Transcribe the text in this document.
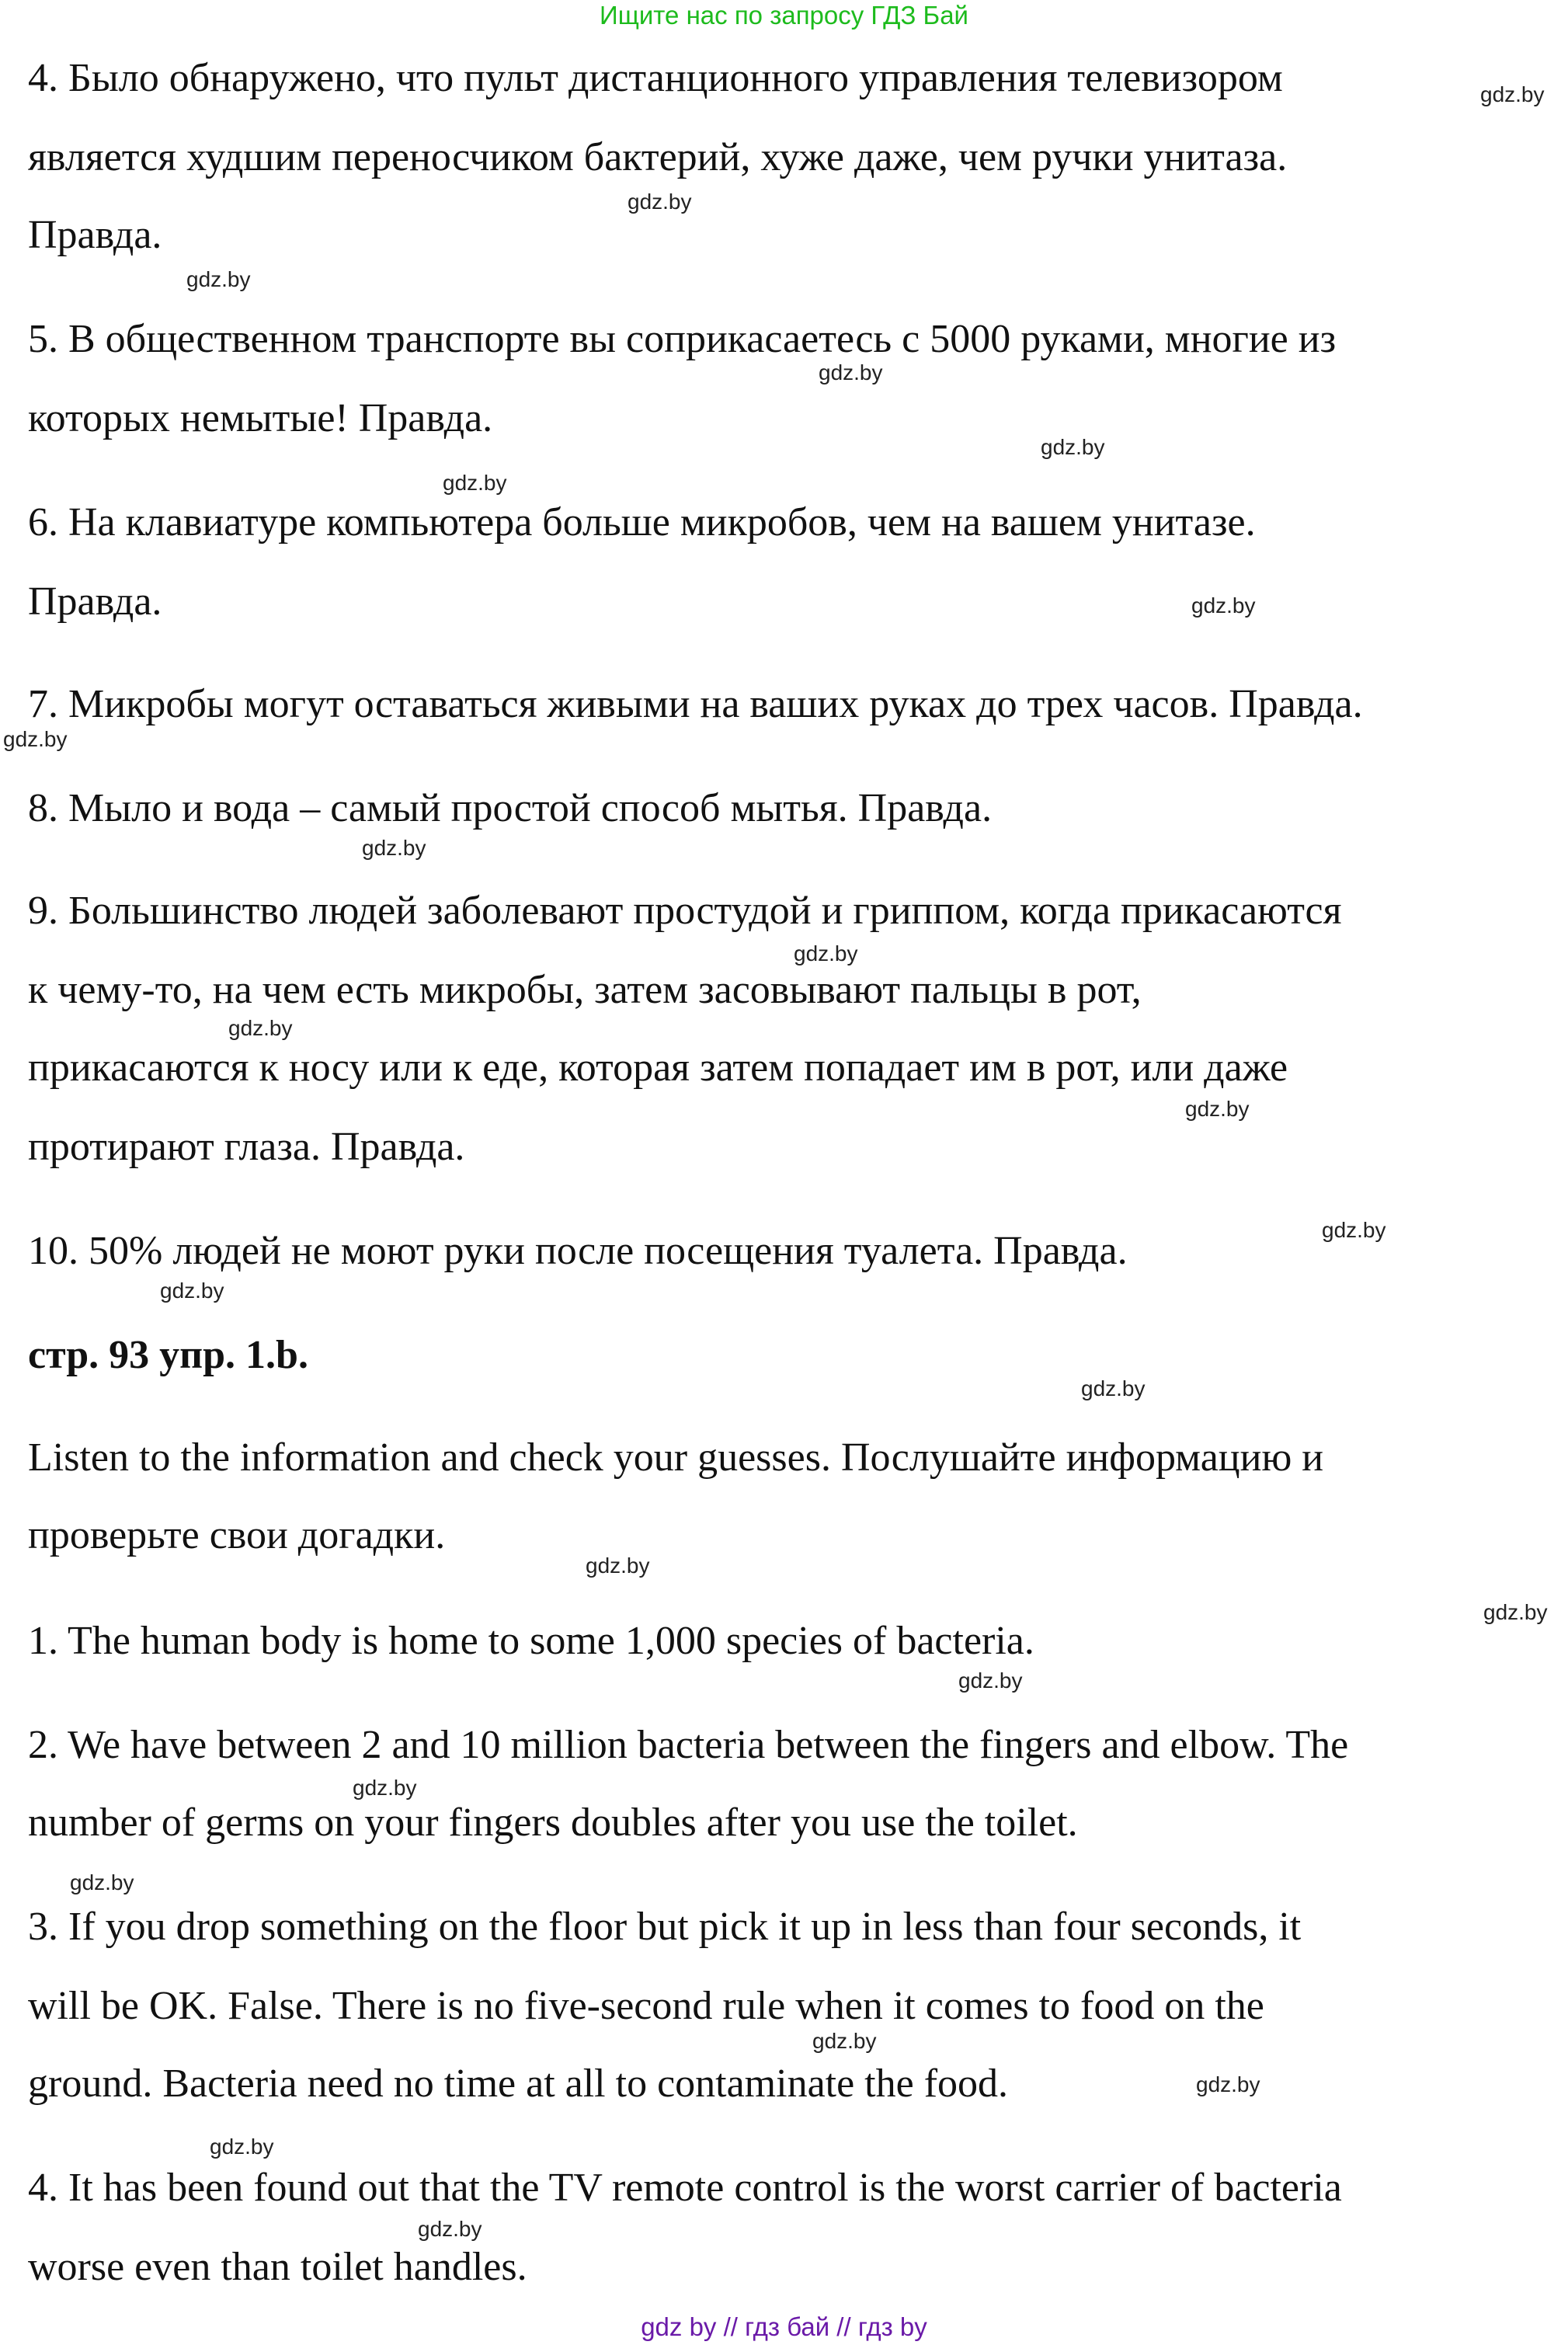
Ищите нас по запросу ГДЗ Бай
4. Было обнаружено, что пульт дистанционного управления телевизором
является худшим переносчиком бактерий, хуже даже, чем ручки унитаза.
Правда.
5. В общественном транспорте вы соприкасаетесь с 5000 руками, многие из
которых немытые! Правда.
6. На клавиатуре компьютера больше микробов, чем на вашем унитазе.
Правда.
7. Микробы могут оставаться живыми на ваших руках до трех часов. Правда.
8. Мыло и вода – самый простой способ мытья. Правда.
9. Большинство людей заболевают простудой и гриппом, когда прикасаются
к чему-то, на чем есть микробы, затем засовывают пальцы в рот,
прикасаются к носу или к еде, которая затем попадает им в рот, или даже
протирают глаза. Правда.
10. 50% людей не моют руки после посещения туалета. Правда.
стр. 93 упр. 1.b.
Listen to the information and check your guesses. Послушайте информацию и
проверьте свои догадки.
1. The human body is home to some 1,000 species of bacteria.
2. We have between 2 and 10 million bacteria between the fingers and elbow. The
number of germs on your fingers doubles after you use the toilet.
3. If you drop something on the floor but pick it up in less than four seconds, it
will be OK. False. There is no five-second rule when it comes to food on the
ground. Bacteria need no time at all to contaminate the food.
4. It has been found out that the TV remote control is the worst carrier of bacteria
worse even than toilet handles.
gdz.by
gdz.by
gdz.by
gdz.by
gdz.by
gdz.by
gdz.by
gdz.by
gdz.by
gdz.by
gdz.by
gdz.by
gdz.by
gdz.by
gdz.by
gdz.by
gdz.by
gdz.by
gdz.by
gdz.by
gdz.by
gdz.by
gdz.by
gdz.by
gdz by // гдз бай // гдз by
